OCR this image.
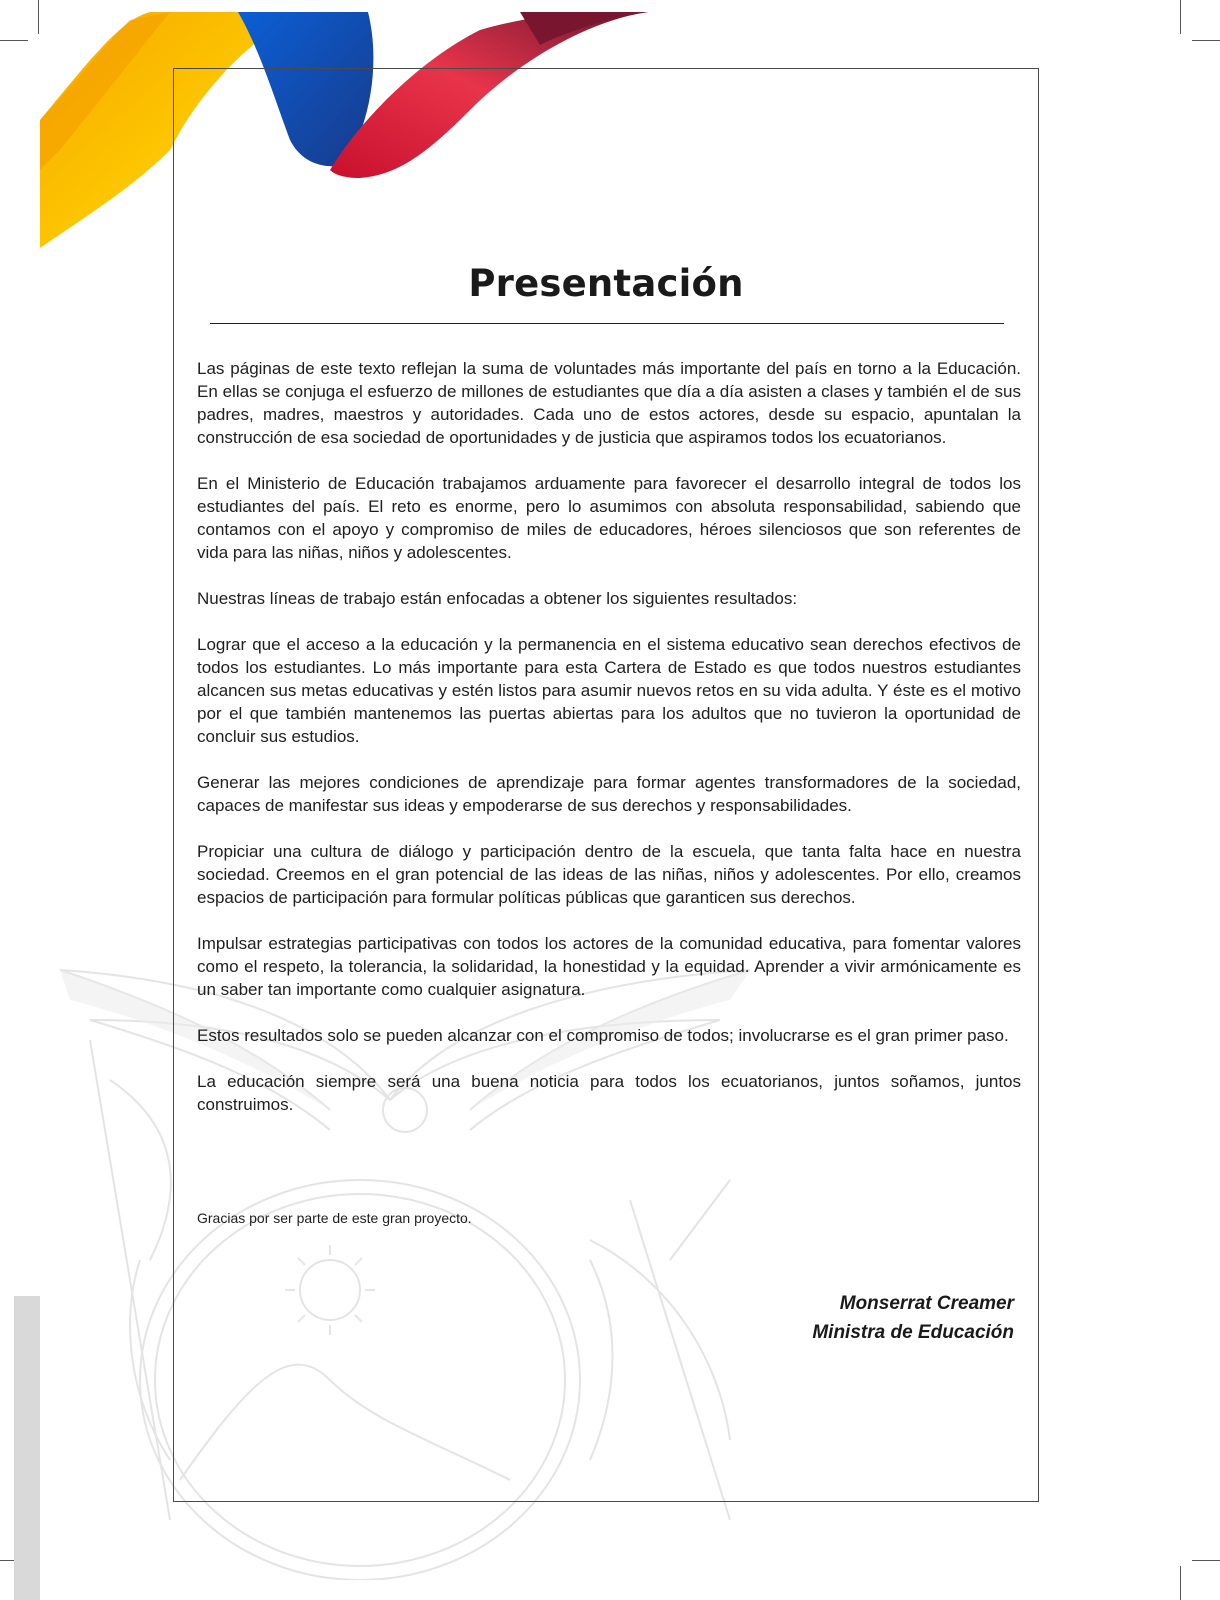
Presentación

Las páginas de este texto reflejan la suma de voluntades más importante del país en torno a la Educación. En ellas se conjuga el esfuerzo de millones de estudiantes que día a día asisten a clases y también el de sus padres, madres, maestros y autoridades. Cada uno de estos actores, desde su espacio, apuntalan la construcción de esa sociedad de oportunidades y de justicia que aspiramos todos los ecuatorianos.

En el Ministerio de Educación trabajamos arduamente para favorecer el desarrollo integral de todos los estudiantes del país. El reto es enorme, pero lo asumimos con absoluta responsabilidad, sabiendo que contamos con el apoyo y compromiso de miles de educadores, héroes silenciosos que son referentes de vida para las niñas, niños y adolescentes.

Nuestras líneas de trabajo están enfocadas a obtener los siguientes resultados:

Lograr que el acceso a la educación y la permanencia en el sistema educativo sean derechos efectivos de todos los estudiantes. Lo más importante para esta Cartera de Estado es que todos nuestros estudiantes alcancen sus metas educativas y estén listos para asumir nuevos retos en su vida adulta. Y éste es el motivo por el que también mantenemos las puertas abiertas para los adultos que no tuvieron la oportunidad de concluir sus estudios.

Generar las mejores condiciones de aprendizaje para formar agentes transformadores de la sociedad, capaces de manifestar sus ideas y empoderarse de sus derechos y responsabilidades.

Propiciar una cultura de diálogo y participación dentro de la escuela, que tanta falta hace en nuestra sociedad. Creemos en el gran potencial de las ideas de las niñas, niños y adolescentes. Por ello, creamos espacios de participación para formular políticas públicas que garanticen sus derechos.

Impulsar estrategias participativas con todos los actores de la comunidad educativa, para fomentar valores como el respeto, la tolerancia, la solidaridad, la honestidad y la equidad. Aprender a vivir armónicamente es un saber tan importante como cualquier asignatura.

Estos resultados solo se pueden alcanzar con el compromiso de todos; involucrarse es el gran primer paso.

La educación siempre será una buena noticia para todos los ecuatorianos, juntos soñamos, juntos construimos.

Gracias por ser parte de este gran proyecto.

Monserrat Creamer
Ministra de Educación
